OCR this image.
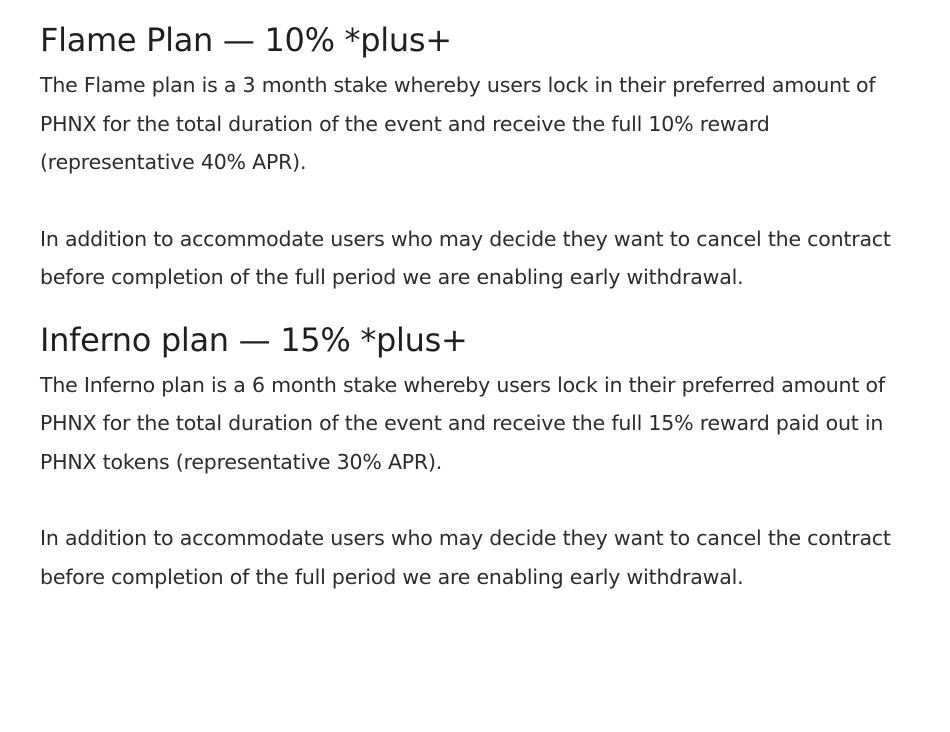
Flame Plan — 10% *plus+

The Flame plan is a 3 month stake whereby users lock in their preferred amount of PHNX for the total duration of the event and receive the full 10% reward (representative 40% APR).

In addition to accommodate users who may decide they want to cancel the contract before completion of the full period we are enabling early withdrawal.

Inferno plan — 15% *plus+

The Inferno plan is a 6 month stake whereby users lock in their preferred amount of PHNX for the total duration of the event and receive the full 15% reward paid out in PHNX tokens (representative 30% APR).

In addition to accommodate users who may decide they want to cancel the contract before completion of the full period we are enabling early withdrawal.
